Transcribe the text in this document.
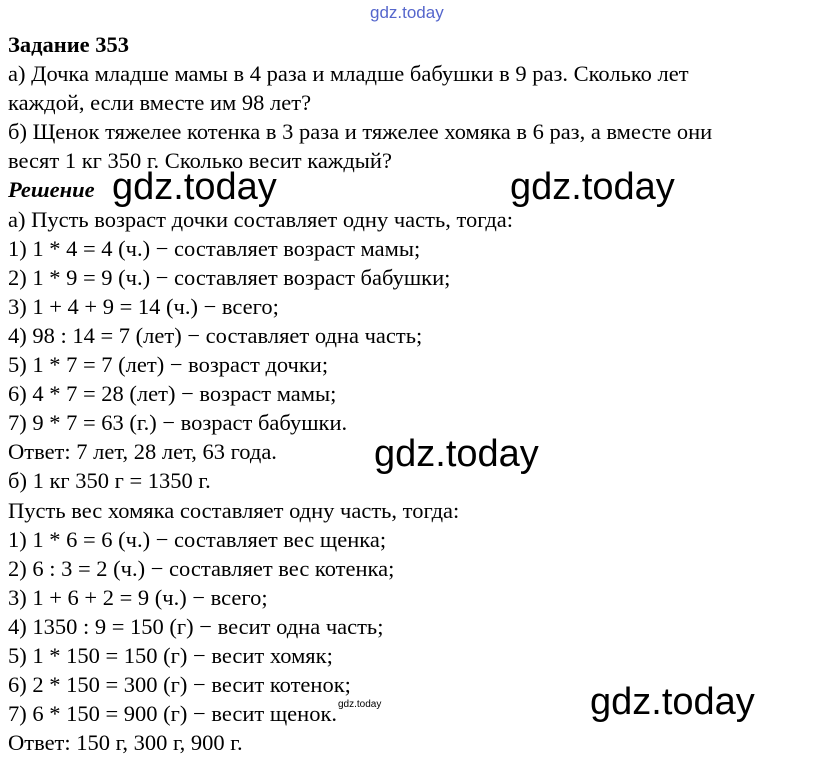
gdz.today
Задание 353
а) Дочка младше мамы в 4 раза и младше бабушки в 9 раз. Сколько лет
каждой, если вместе им 98 лет?
б) Щенок тяжелее котенка в 3 раза и тяжелее хомяка в 6 раз, а вместе они
весят 1 кг 350 г. Сколько весит каждый?
Решение
а) Пусть возраст дочки составляет одну часть, тогда:
1) 1 * 4 = 4 (ч.) − составляет возраст мамы;
2) 1 * 9 = 9 (ч.) − составляет возраст бабушки;
3) 1 + 4 + 9 = 14 (ч.) − всего;
4) 98 : 14 = 7 (лет) − составляет одна часть;
5) 1 * 7 = 7 (лет) − возраст дочки;
6) 4 * 7 = 28 (лет) − возраст мамы;
7) 9 * 7 = 63 (г.) − возраст бабушки.
Ответ: 7 лет, 28 лет, 63 года.
б) 1 кг 350 г = 1350 г.
Пусть вес хомяка составляет одну часть, тогда:
1) 1 * 6 = 6 (ч.) − составляет вес щенка;
2) 6 : 3 = 2 (ч.) − составляет вес котенка;
3) 1 + 6 + 2 = 9 (ч.) − всего;
4) 1350 : 9 = 150 (г) − весит одна часть;
5) 1 * 150 = 150 (г) − весит хомяк;
6) 2 * 150 = 300 (г) − весит котенок;
7) 6 * 150 = 900 (г) − весит щенок.
Ответ: 150 г, 300 г, 900 г.
gdz.today	gdz.today
gdz.today
gdz.today
gdz.today
